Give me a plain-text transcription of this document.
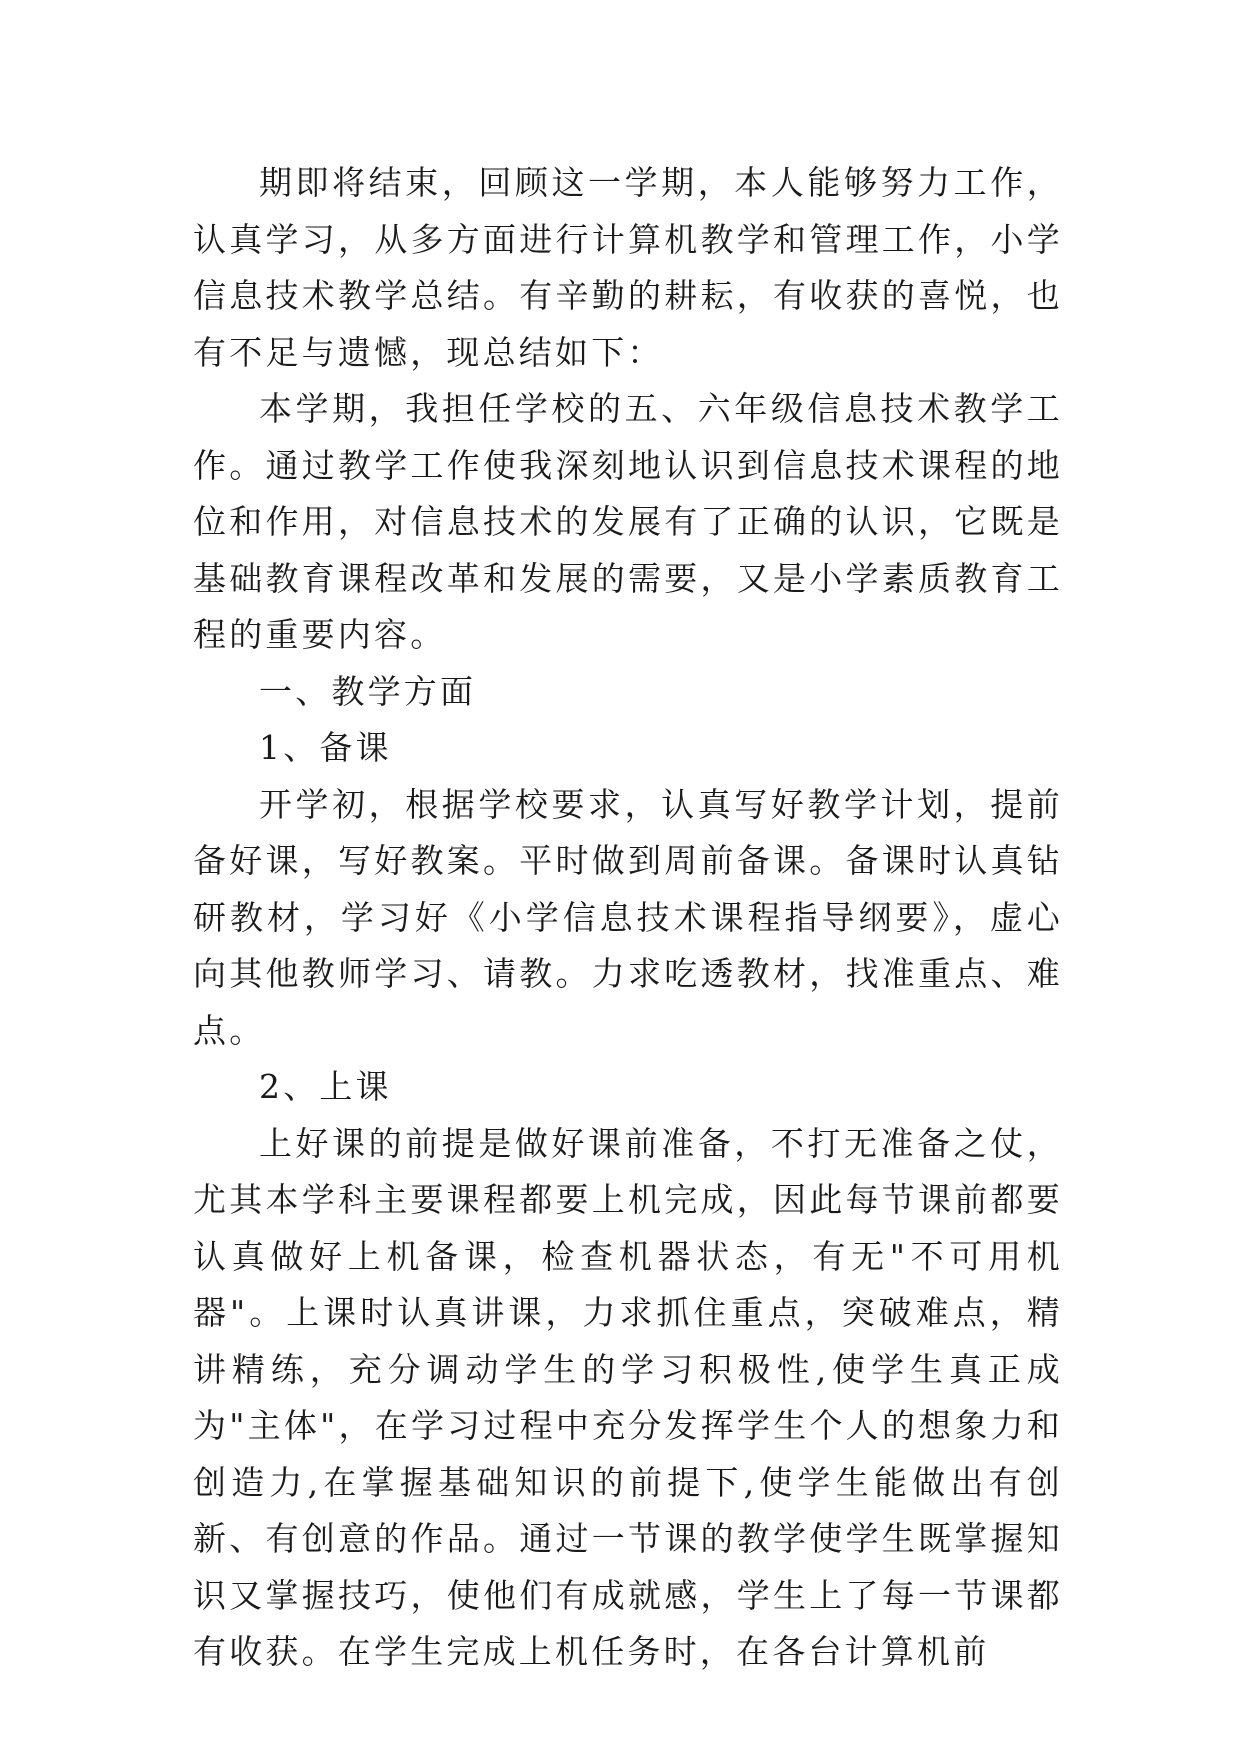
期即将结束，回顾这一学期，本人能够努力工作，认真学习，从多方面进行计算机教学和管理工作，小学信息技术教学总结。有辛勤的耕耘，有收获的喜悦，也有不足与遗憾，现总结如下：

本学期，我担任学校的五、六年级信息技术教学工作。通过教学工作使我深刻地认识到信息技术课程的地位和作用，对信息技术的发展有了正确的认识，它既是基础教育课程改革和发展的需要，又是小学素质教育工程的重要内容。

一、教学方面

1、备课

开学初，根据学校要求，认真写好教学计划，提前备好课，写好教案。平时做到周前备课。备课时认真钻研教材，学习好《小学信息技术课程指导纲要》，虚心向其他教师学习、请教。力求吃透教材，找准重点、难点。

2、上课

上好课的前提是做好课前准备，不打无准备之仗，尤其本学科主要课程都要上机完成，因此每节课前都要认真做好上机备课，检查机器状态，有无"不可用机器"。上课时认真讲课，力求抓住重点，突破难点，精讲精练，充分调动学生的学习积极性,使学生真正成为"主体"，在学习过程中充分发挥学生个人的想象力和创造力,在掌握基础知识的前提下,使学生能做出有创新、有创意的作品。通过一节课的教学使学生既掌握知识又掌握技巧，使他们有成就感，学生上了每一节课都有收获。在学生完成上机任务时，在各台计算机前
